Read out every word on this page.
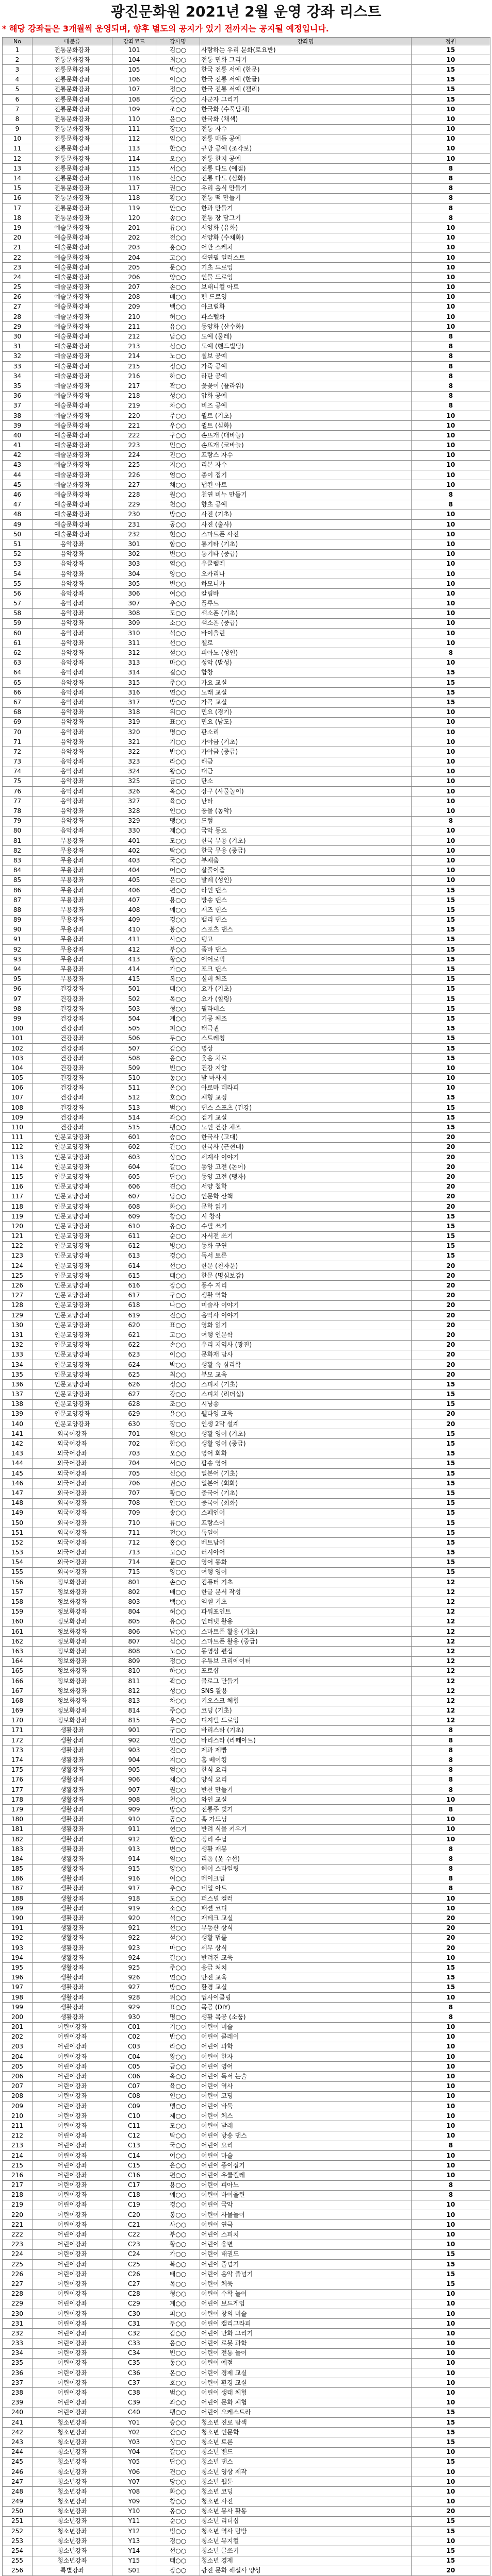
광진문화원 2021년 2월 운영 강좌 리스트
* 해당 강좌들은 3개월씩 운영되며, 향후 별도의 공지가 있기 전까지는 공지될 예정입니다.
No	대분류	강좌코드	강사명	강좌명	정원
1	전통문화강좌	101	김○○	사랑하는 우리 문화(토요반)	15
2	전통문화강좌	104	최○○	전통 민화 그리기	10
3	전통문화강좌	105	박○○	한국 전통 서예 (한문)	15
4	전통문화강좌	106	이○○	한국 전통 서예 (한글)	15
5	전통문화강좌	107	정○○	한국 전통 서예 (캘리)	15
6	전통문화강좌	108	강○○	사군자 그리기	15
7	전통문화강좌	109	조○○	한국화 (수묵담채)	10
8	전통문화강좌	110	윤○○	한국화 (채색)	10
9	전통문화강좌	111	장○○	전통 자수	10
10	전통문화강좌	112	임○○	전통 매듭 공예	10
11	전통문화강좌	113	한○○	규방 공예 (조각보)	10
12	전통문화강좌	114	오○○	전통 한지 공예	10
13	전통문화강좌	115	서○○	전통 다도 (예절)	8
14	전통문화강좌	116	신○○	전통 다도 (심화)	8
15	전통문화강좌	117	권○○	우리 음식 만들기	8
16	전통문화강좌	118	황○○	전통 떡 만들기	8
17	전통문화강좌	119	안○○	한과 만들기	8
18	전통문화강좌	120	송○○	전통 장 담그기	8
19	예술문화강좌	201	류○○	서양화 (유화)	10
20	예술문화강좌	202	전○○	서양화 (수채화)	10
21	예술문화강좌	203	홍○○	어반 스케치	10
22	예술문화강좌	204	고○○	색연필 일러스트	10
23	예술문화강좌	205	문○○	기초 드로잉	10
24	예술문화강좌	206	양○○	인물 드로잉	10
25	예술문화강좌	207	손○○	보태니컬 아트	10
26	예술문화강좌	208	배○○	펜 드로잉	10
27	예술문화강좌	209	백○○	아크릴화	10
28	예술문화강좌	210	허○○	파스텔화	10
29	예술문화강좌	211	유○○	동양화 (산수화)	10
30	예술문화강좌	212	남○○	도예 (물레)	8
31	예술문화강좌	213	심○○	도예 (핸드빌딩)	8
32	예술문화강좌	214	노○○	칠보 공예	8
33	예술문화강좌	215	정○○	가죽 공예	8
34	예술문화강좌	216	하○○	라탄 공예	8
35	예술문화강좌	217	곽○○	꽃꽂이 (플라워)	8
36	예술문화강좌	218	성○○	압화 공예	8
37	예술문화강좌	219	차○○	비즈 공예	8
38	예술문화강좌	220	주○○	퀼트 (기초)	10
39	예술문화강좌	221	우○○	퀼트 (심화)	10
40	예술문화강좌	222	구○○	손뜨개 (대바늘)	10
41	예술문화강좌	223	민○○	손뜨개 (코바늘)	10
42	예술문화강좌	224	진○○	프랑스 자수	10
43	예술문화강좌	225	지○○	리본 자수	10
44	예술문화강좌	226	엄○○	종이 접기	10
45	예술문화강좌	227	채○○	냅킨 아트	10
46	예술문화강좌	228	원○○	천연 비누 만들기	8
47	예술문화강좌	229	천○○	향초 공예	8
48	예술문화강좌	230	방○○	사진 (기초)	10
49	예술문화강좌	231	공○○	사진 (출사)	10
50	예술문화강좌	232	현○○	스마트폰 사진	10
51	음악강좌	301	함○○	통기타 (기초)	10
52	음악강좌	302	변○○	통기타 (중급)	10
53	음악강좌	303	염○○	우쿨렐레	10
54	음악강좌	304	양○○	오카리나	10
55	음악강좌	305	변○○	하모니카	10
56	음악강좌	306	여○○	칼림바	10
57	음악강좌	307	추○○	플루트	10
58	음악강좌	308	도○○	색소폰 (기초)	10
59	음악강좌	309	소○○	색소폰 (중급)	10
60	음악강좌	310	석○○	바이올린	10
61	음악강좌	311	선○○	첼로	10
62	음악강좌	312	설○○	피아노 (성인)	8
63	음악강좌	313	마○○	성악 (발성)	10
64	음악강좌	314	길○○	합창	15
65	음악강좌	315	주○○	가요 교실	15
66	음악강좌	316	연○○	노래 교실	15
67	음악강좌	317	방○○	가곡 교실	15
68	음악강좌	318	위○○	민요 (경기)	10
69	음악강좌	319	표○○	민요 (남도)	10
70	음악강좌	320	명○○	판소리	10
71	음악강좌	321	기○○	가야금 (기초)	10
72	음악강좌	322	반○○	가야금 (중급)	10
73	음악강좌	323	라○○	해금	10
74	음악강좌	324	왕○○	대금	10
75	음악강좌	325	금○○	단소	10
76	음악강좌	326	옥○○	장구 (사물놀이)	10
77	음악강좌	327	육○○	난타	10
78	음악강좌	328	인○○	풍물 (농악)	10
79	음악강좌	329	맹○○	드럼	8
80	음악강좌	330	제○○	국악 동요	10
81	무용강좌	401	모○○	한국 무용 (기초)	10
82	무용강좌	402	탁○○	한국 무용 (중급)	10
83	무용강좌	403	국○○	부채춤	10
84	무용강좌	404	어○○	살풀이춤	10
85	무용강좌	405	은○○	발레 (성인)	10
86	무용강좌	406	편○○	라인 댄스	15
87	무용강좌	407	용○○	방송 댄스	15
88	무용강좌	408	예○○	재즈 댄스	15
89	무용강좌	409	경○○	밸리 댄스	15
90	무용강좌	410	봉○○	스포츠 댄스	15
91	무용강좌	411	사○○	탱고	15
92	무용강좌	412	부○○	줌바 댄스	15
93	무용강좌	413	황○○	에어로빅	15
94	무용강좌	414	가○○	포크 댄스	15
95	무용강좌	415	복○○	실버 체조	15
96	건강강좌	501	태○○	요가 (기초)	15
97	건강강좌	502	목○○	요가 (힐링)	15
98	건강강좌	503	형○○	필라테스	15
99	건강강좌	504	계○○	기공 체조	15
100	건강강좌	505	피○○	태극권	15
101	건강강좌	506	두○○	스트레칭	15
102	건강강좌	507	감○○	명상	15
103	건강강좌	508	음○○	웃음 치료	15
104	건강강좌	509	빈○○	건강 지압	10
105	건강강좌	510	동○○	발 마사지	10
106	건강강좌	511	온○○	아로마 테라피	10
107	건강강좌	512	호○○	체형 교정	15
108	건강강좌	513	범○○	댄스 스포츠 (건강)	15
109	건강강좌	514	좌○○	걷기 교실	15
110	건강강좌	515	팽○○	노인 건강 체조	15
111	인문교양강좌	601	승○○	한국사 (고대)	20
112	인문교양강좌	602	간○○	한국사 (근현대)	20
113	인문교양강좌	603	상○○	세계사 이야기	20
114	인문교양강좌	604	갈○○	동양 고전 (논어)	20
115	인문교양강좌	605	단○○	동양 고전 (맹자)	20
116	인문교양강좌	606	견○○	서양 철학	20
117	인문교양강좌	607	당○○	인문학 산책	20
118	인문교양강좌	608	화○○	문학 읽기	20
119	인문교양강좌	609	창○○	시 창작	15
120	인문교양강좌	610	옹○○	수필 쓰기	15
121	인문교양강좌	611	순○○	자서전 쓰기	15
122	인문교양강좌	612	빙○○	동화 구연	15
123	인문교양강좌	613	경○○	독서 토론	15
124	인문교양강좌	614	선○○	한문 (천자문)	20
125	인문교양강좌	615	태○○	한문 (명심보감)	20
126	인문교양강좌	616	장○○	풍수 지리	20
127	인문교양강좌	617	구○○	생활 역학	20
128	인문교양강좌	618	나○○	미술사 이야기	20
129	인문교양강좌	619	진○○	음악사 이야기	20
130	인문교양강좌	620	표○○	영화 읽기	20
131	인문교양강좌	621	고○○	여행 인문학	20
132	인문교양강좌	622	손○○	우리 지역사 (광진)	20
133	인문교양강좌	623	이○○	문화재 답사	20
134	인문교양강좌	624	박○○	생활 속 심리학	20
135	인문교양강좌	625	최○○	부모 교육	20
136	인문교양강좌	626	정○○	스피치 (기초)	15
137	인문교양강좌	627	강○○	스피치 (리더십)	15
138	인문교양강좌	628	조○○	시낭송	15
139	인문교양강좌	629	윤○○	웰다잉 교육	20
140	인문교양강좌	630	장○○	인생 2막 설계	20
141	외국어강좌	701	임○○	생활 영어 (기초)	15
142	외국어강좌	702	한○○	생활 영어 (중급)	15
143	외국어강좌	703	오○○	영어 회화	15
144	외국어강좌	704	서○○	팝송 영어	15
145	외국어강좌	705	신○○	일본어 (기초)	15
146	외국어강좌	706	권○○	일본어 (회화)	15
147	외국어강좌	707	황○○	중국어 (기초)	15
148	외국어강좌	708	안○○	중국어 (회화)	15
149	외국어강좌	709	송○○	스페인어	15
150	외국어강좌	710	류○○	프랑스어	15
151	외국어강좌	711	전○○	독일어	15
152	외국어강좌	712	홍○○	베트남어	15
153	외국어강좌	713	고○○	러시아어	15
154	외국어강좌	714	문○○	영어 동화	15
155	외국어강좌	715	양○○	여행 영어	15
156	정보화강좌	801	손○○	컴퓨터 기초	12
157	정보화강좌	802	배○○	한글 문서 작성	12
158	정보화강좌	803	백○○	엑셀 기초	12
159	정보화강좌	804	허○○	파워포인트	12
160	정보화강좌	805	유○○	인터넷 활용	12
161	정보화강좌	806	남○○	스마트폰 활용 (기초)	12
162	정보화강좌	807	심○○	스마트폰 활용 (중급)	12
163	정보화강좌	808	노○○	동영상 편집	12
164	정보화강좌	809	정○○	유튜브 크리에이터	12
165	정보화강좌	810	하○○	포토샵	12
166	정보화강좌	811	곽○○	블로그 만들기	12
167	정보화강좌	812	성○○	SNS 활용	12
168	정보화강좌	813	차○○	키오스크 체험	12
169	정보화강좌	814	주○○	코딩 (기초)	12
170	정보화강좌	815	우○○	디지털 드로잉	12
171	생활강좌	901	구○○	바리스타 (기초)	8
172	생활강좌	902	민○○	바리스타 (라떼아트)	8
173	생활강좌	903	진○○	제과 제빵	8
174	생활강좌	904	지○○	홈 베이킹	8
175	생활강좌	905	엄○○	한식 요리	8
176	생활강좌	906	채○○	양식 요리	8
177	생활강좌	907	원○○	반찬 만들기	8
178	생활강좌	908	천○○	와인 교실	10
179	생활강좌	909	방○○	전통주 빚기	8
180	생활강좌	910	공○○	홈 가드닝	10
181	생활강좌	911	현○○	반려 식물 키우기	10
182	생활강좌	912	함○○	정리 수납	10
183	생활강좌	913	변○○	생활 재봉	8
184	생활강좌	914	염○○	리폼 (옷 수선)	8
185	생활강좌	915	양○○	헤어 스타일링	8
186	생활강좌	916	여○○	메이크업	8
187	생활강좌	917	추○○	네일 아트	8
188	생활강좌	918	도○○	퍼스널 컬러	10
189	생활강좌	919	소○○	패션 코디	10
190	생활강좌	920	석○○	재테크 교실	20
191	생활강좌	921	선○○	부동산 상식	20
192	생활강좌	922	설○○	생활 법률	20
193	생활강좌	923	마○○	세무 상식	20
194	생활강좌	924	길○○	반려견 교육	10
195	생활강좌	925	주○○	응급 처치	15
196	생활강좌	926	연○○	안전 교육	15
197	생활강좌	927	방○○	환경 교실	15
198	생활강좌	928	위○○	업사이클링	10
199	생활강좌	929	표○○	목공 (DIY)	8
200	생활강좌	930	명○○	생활 목공 (소품)	8
201	어린이강좌	C01	기○○	어린이 미술	10
202	어린이강좌	C02	반○○	어린이 클레이	10
203	어린이강좌	C03	라○○	어린이 과학	10
204	어린이강좌	C04	왕○○	어린이 한자	10
205	어린이강좌	C05	금○○	어린이 영어	10
206	어린이강좌	C06	옥○○	어린이 독서 논술	10
207	어린이강좌	C07	육○○	어린이 역사	10
208	어린이강좌	C08	인○○	어린이 코딩	10
209	어린이강좌	C09	맹○○	어린이 바둑	10
210	어린이강좌	C10	제○○	어린이 체스	10
211	어린이강좌	C11	모○○	어린이 발레	10
212	어린이강좌	C12	탁○○	어린이 방송 댄스	10
213	어린이강좌	C13	국○○	어린이 요리	8
214	어린이강좌	C14	어○○	어린이 마술	10
215	어린이강좌	C15	은○○	어린이 종이접기	10
216	어린이강좌	C16	편○○	어린이 우쿨렐레	10
217	어린이강좌	C17	용○○	어린이 피아노	8
218	어린이강좌	C18	예○○	어린이 바이올린	8
219	어린이강좌	C19	경○○	어린이 국악	10
220	어린이강좌	C20	봉○○	어린이 사물놀이	10
221	어린이강좌	C21	사○○	어린이 연극	10
222	어린이강좌	C22	부○○	어린이 스피치	10
223	어린이강좌	C23	황○○	어린이 웅변	10
224	어린이강좌	C24	가○○	어린이 태권도	15
225	어린이강좌	C25	복○○	어린이 줄넘기	15
226	어린이강좌	C26	태○○	어린이 음악 줄넘기	15
227	어린이강좌	C27	목○○	어린이 체육	15
228	어린이강좌	C28	형○○	어린이 수학 놀이	10
229	어린이강좌	C29	계○○	어린이 보드게임	10
230	어린이강좌	C30	피○○	어린이 창의 미술	10
231	어린이강좌	C31	두○○	어린이 캘리그라피	10
232	어린이강좌	C32	감○○	어린이 만화 그리기	10
233	어린이강좌	C33	음○○	어린이 로봇 과학	10
234	어린이강좌	C34	빈○○	어린이 전통 놀이	10
235	어린이강좌	C35	동○○	어린이 예절	10
236	어린이강좌	C36	온○○	어린이 경제 교실	10
237	어린이강좌	C37	호○○	어린이 환경 교실	10
238	어린이강좌	C38	범○○	어린이 생태 체험	10
239	어린이강좌	C39	좌○○	어린이 문화 체험	10
240	어린이강좌	C40	팽○○	어린이 오케스트라	15
241	청소년강좌	Y01	승○○	청소년 진로 탐색	15
242	청소년강좌	Y02	간○○	청소년 인문학	15
243	청소년강좌	Y03	상○○	청소년 토론	15
244	청소년강좌	Y04	갈○○	청소년 밴드	10
245	청소년강좌	Y05	단○○	청소년 댄스	15
246	청소년강좌	Y06	견○○	청소년 영상 제작	10
247	청소년강좌	Y07	당○○	청소년 웹툰	10
248	청소년강좌	Y08	화○○	청소년 코딩	10
249	청소년강좌	Y09	창○○	청소년 사진	10
250	청소년강좌	Y10	옹○○	청소년 봉사 활동	20
251	청소년강좌	Y11	순○○	청소년 리더십	15
252	청소년강좌	Y12	빙○○	청소년 역사 탐방	15
253	청소년강좌	Y13	경○○	청소년 뮤지컬	10
254	청소년강좌	Y14	선○○	청소년 글쓰기	15
255	청소년강좌	Y15	태○○	청소년 경제	15
256	특별강좌	S01	장○○	광진 문화 해설사 양성	20
